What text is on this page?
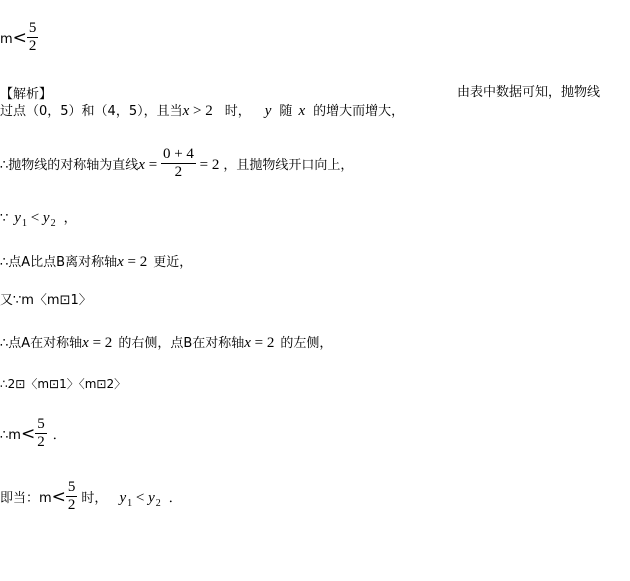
$m< \frac{5}{2}$
【解析】	由表中数据可知，抛物线
过点（0，5）和（4，5），且当x > 2 时， y 随 x 的增大而增大，
∴抛物线的对称轴为直线$x = \frac{0 + 4}{2} = 2$ ，且抛物线开口向上，
∵ $y_1 < y_2$ ，
∴点A比点B离对称轴x = 2 更近，
又∵m〈m⊡1〉
∴点A在对称轴x = 2 的右侧，点B在对称轴x = 2 的左侧，
∴2⊡〈m⊡1〉〈m⊡2〉
∴m< $\frac{5}{2}$ ．
即当：$m< \frac{5}{2}$ 时， $y_1 < y_2$ ．
